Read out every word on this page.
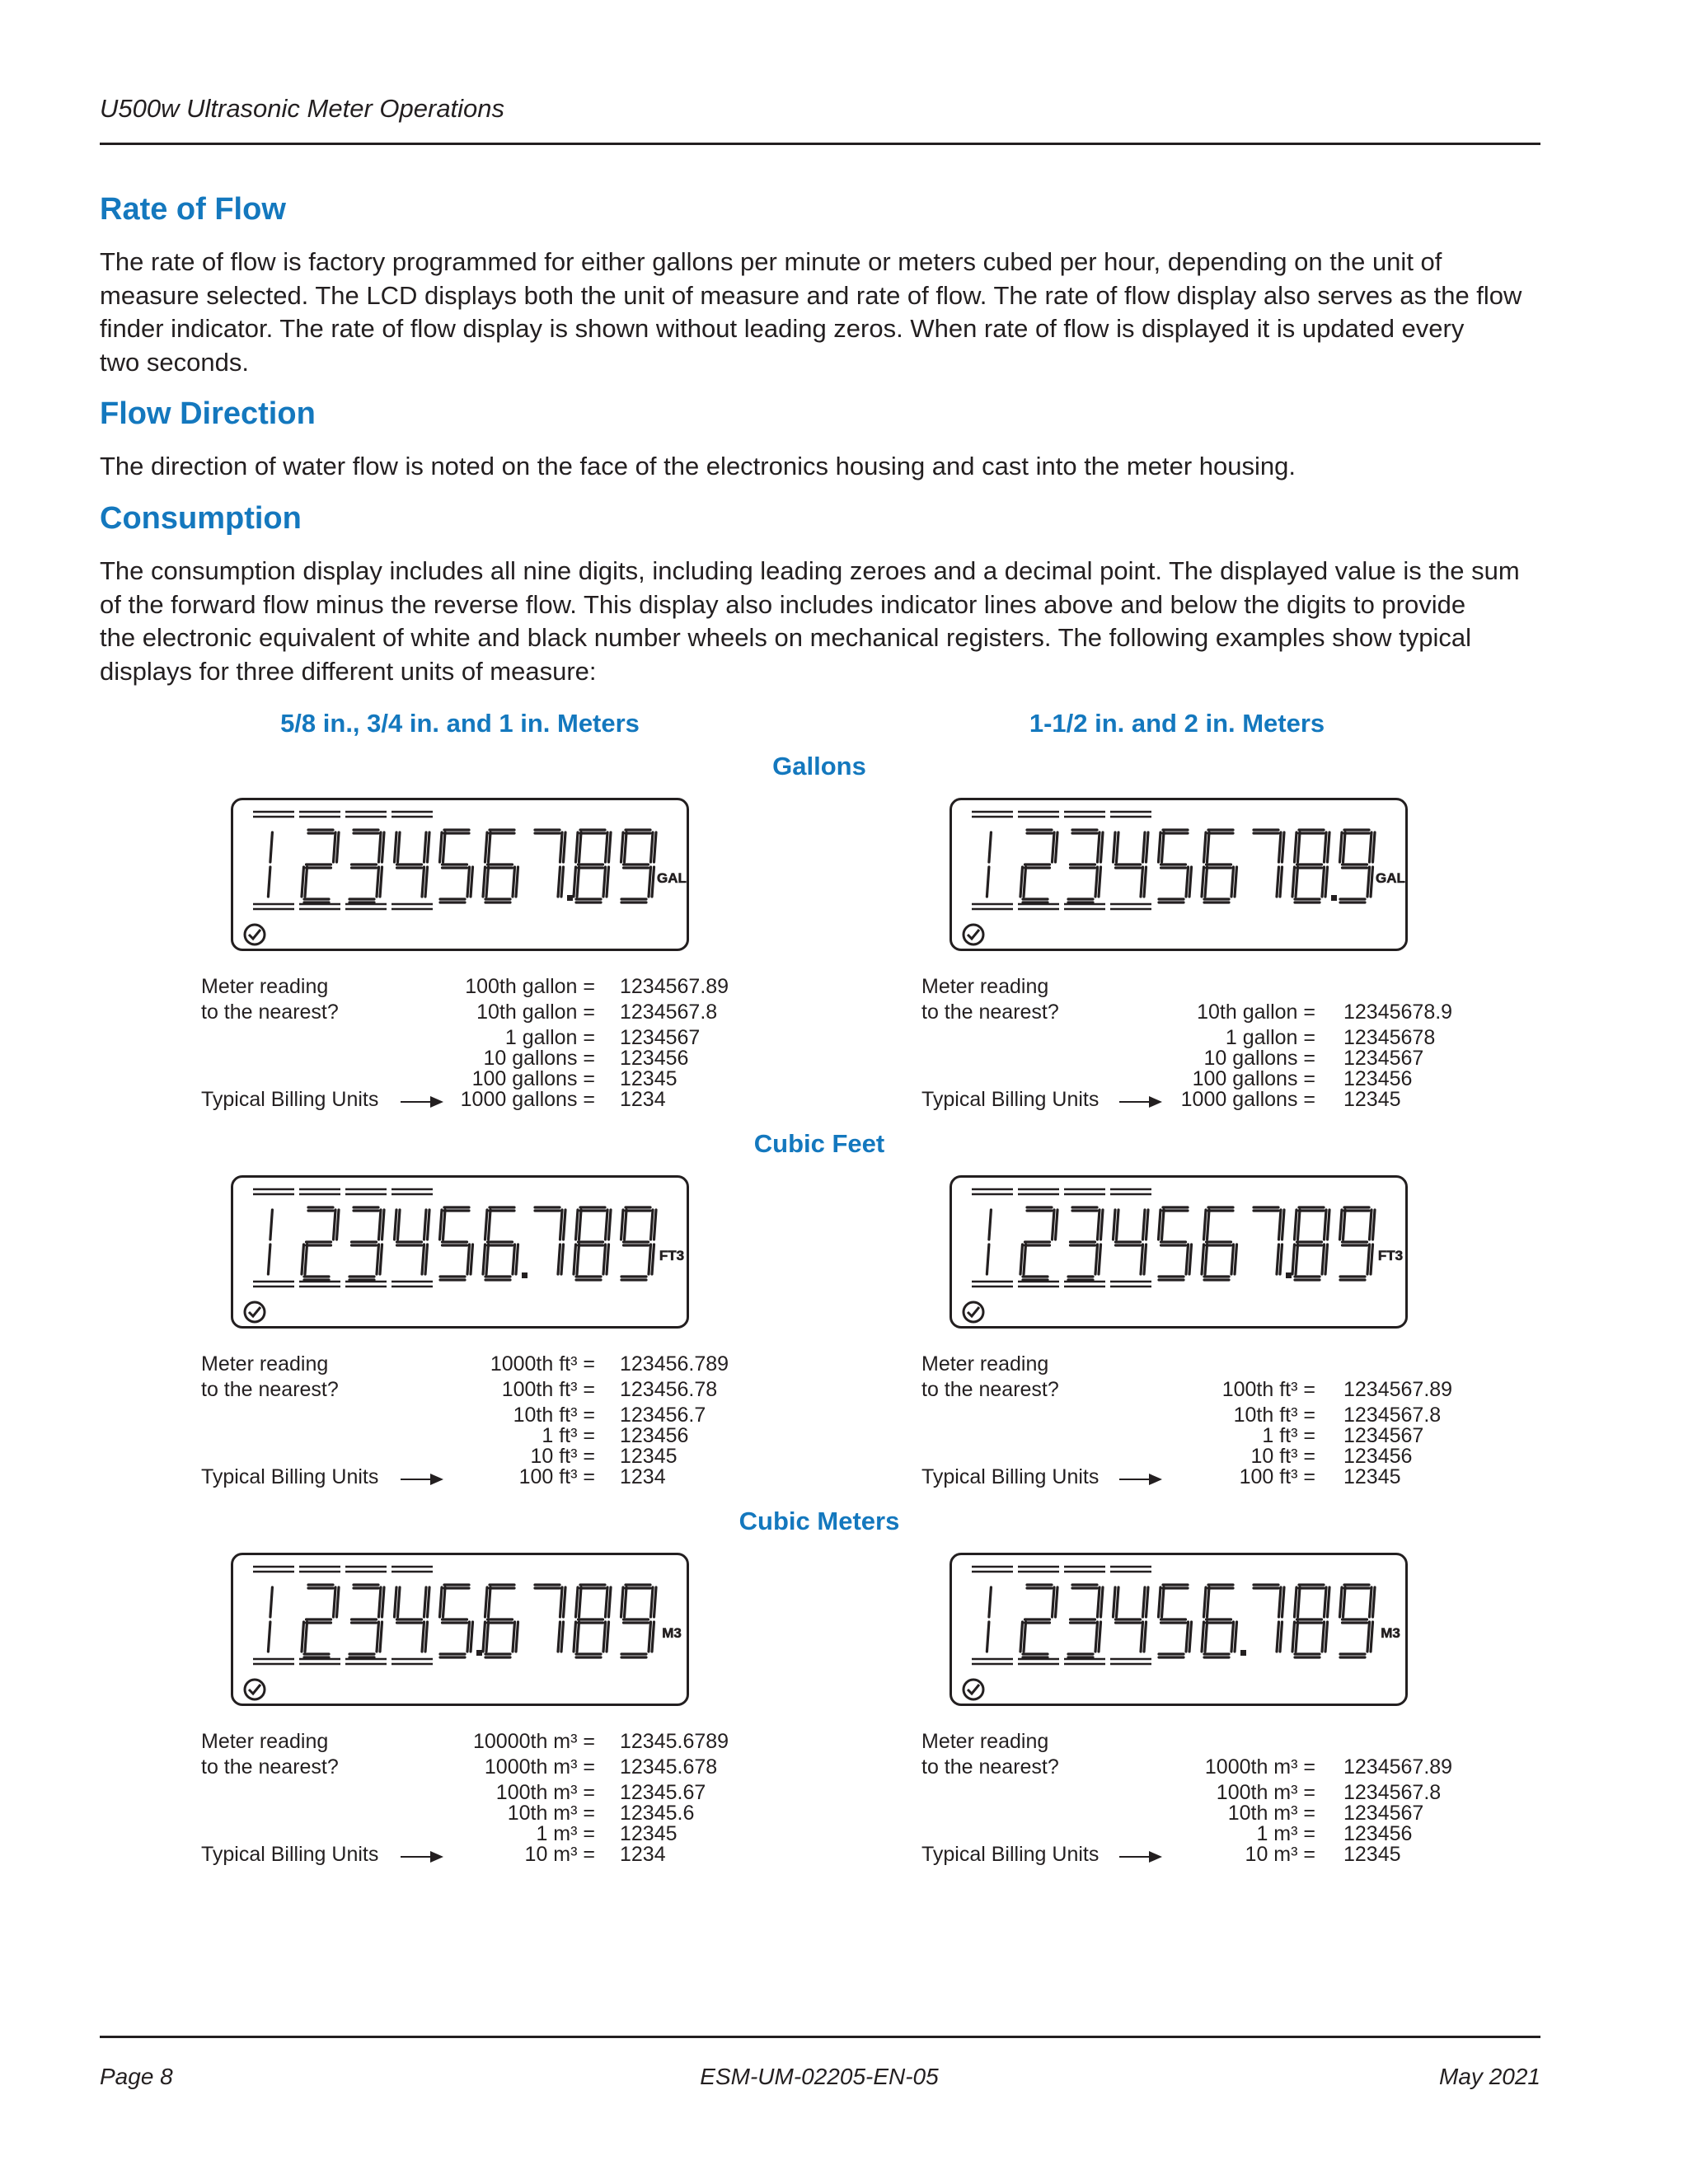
U500w Ultrasonic Meter Operations
Rate of Flow
The rate of flow is factory programmed for either gallons per minute or meters cubed per hour, depending on the unit of
measure selected. The LCD displays both the unit of measure and rate of flow. The rate of flow display also serves as the flow
finder indicator. The rate of flow display is shown without leading zeros. When rate of flow is displayed it is updated every
two seconds.
Flow Direction
The direction of water flow is noted on the face of the electronics housing and cast into the meter housing.
Consumption
The consumption display includes all nine digits, including leading zeroes and a decimal point. The displayed value is the sum
of the forward flow minus the reverse flow. This display also includes indicator lines above and below the digits to provide
the electronic equivalent of white and black number wheels on mechanical registers. The following examples show typical
displays for three different units of measure:
5/8 in., 3/4 in. and 1 in. Meters	1-1/2 in. and 2 in. Meters
Gallons
Cubic Feet
Cubic Meters
GAL	GAL
FT3	FT3
M3	M3
Meter reading
to the nearest?
Typical Billing Units
100th gallon = 1234567.89
10th gallon = 1234567.8
1 gallon = 1234567
10 gallons = 123456
100 gallons = 12345
1000 gallons = 1234
Meter reading
to the nearest?
Typical Billing Units
10th gallon = 12345678.9
1 gallon = 12345678
10 gallons = 1234567
100 gallons = 123456
1000 gallons = 12345
Meter reading
to the nearest?
Typical Billing Units
1000th ft³ = 123456.789
100th ft³ = 123456.78
10th ft³ = 123456.7
1 ft³ = 123456
10 ft³ = 12345
100 ft³ = 1234
Meter reading
to the nearest?
Typical Billing Units
100th ft³ = 1234567.89
10th ft³ = 1234567.8
1 ft³ = 1234567
10 ft³ = 123456
100 ft³ = 12345
Meter reading
to the nearest?
Typical Billing Units
10000th m³ = 12345.6789
1000th m³ = 12345.678
100th m³ = 12345.67
10th m³ = 12345.6
1 m³ = 12345
10 m³ = 1234
Meter reading
to the nearest?
Typical Billing Units
1000th m³ = 1234567.89
100th m³ = 1234567.8
10th m³ = 1234567
1 m³ = 123456
10 m³ = 12345
Page 8	ESM-UM-02205-EN-05	May 2021
